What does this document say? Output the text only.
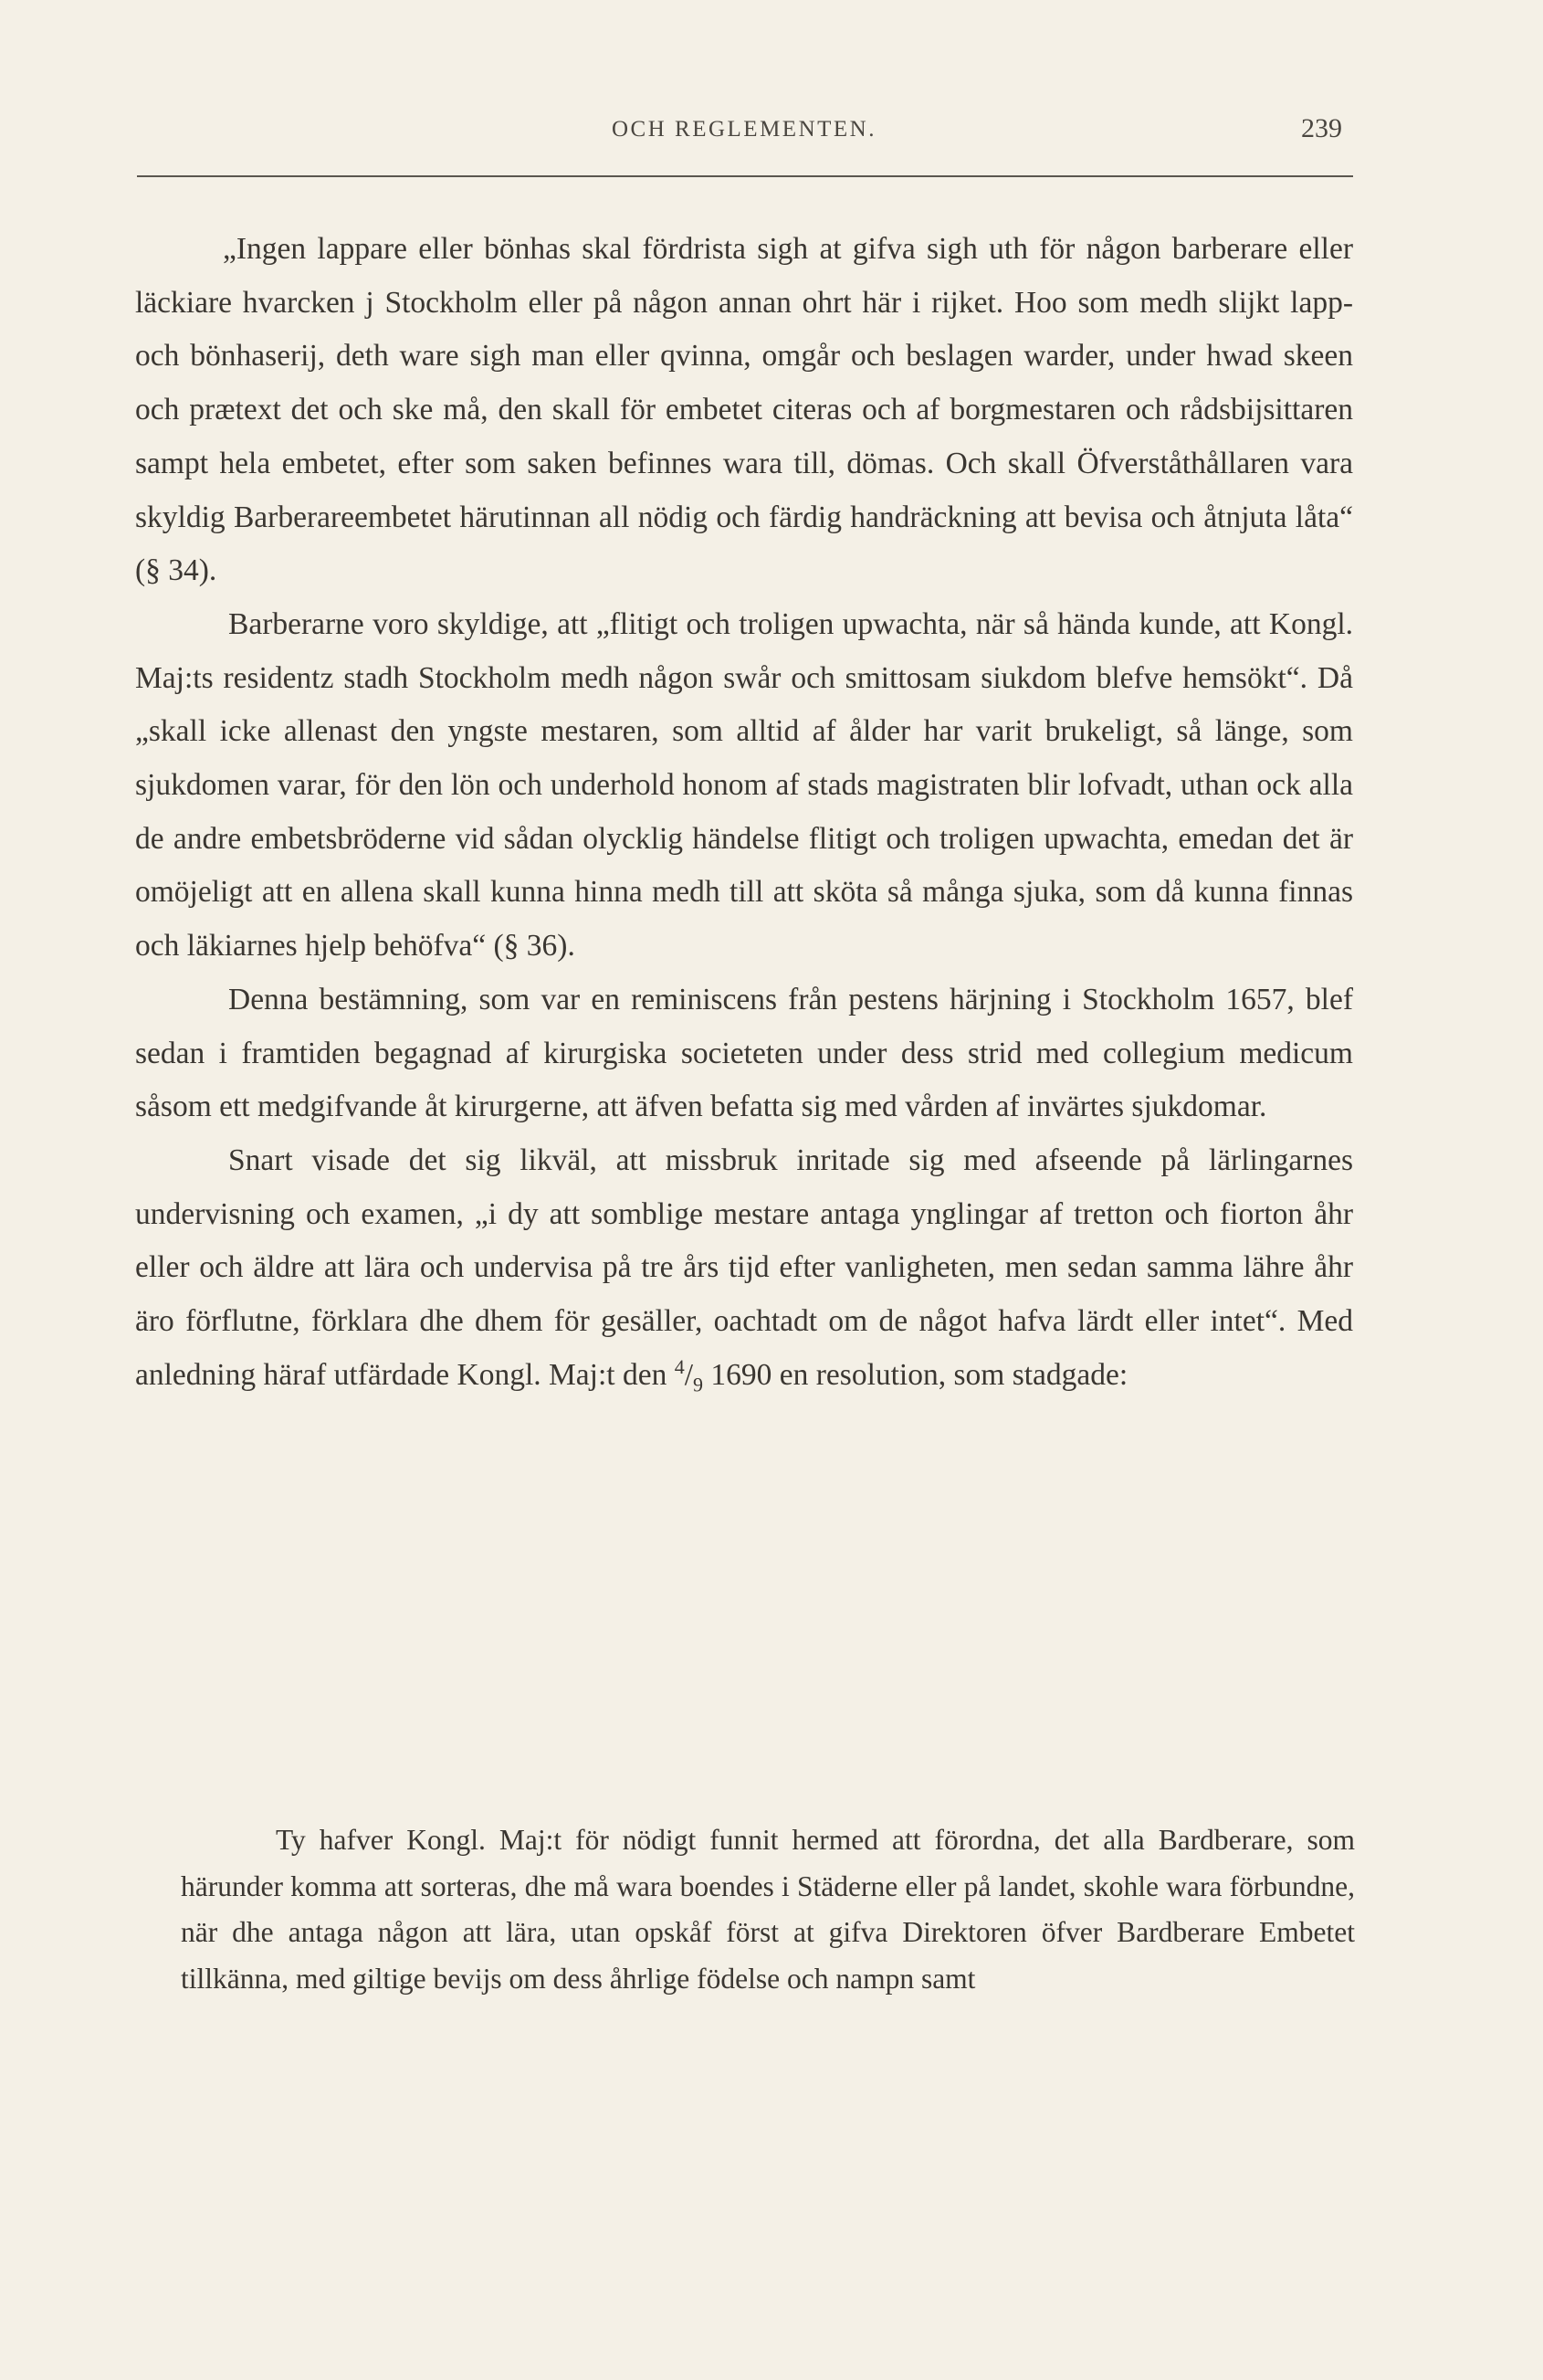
OCH REGLEMENTEN.	239

„Ingen lappare eller bönhas skal fördrista sigh at gifva sigh uth för någon barberare eller läckiare hvarcken j Stockholm eller på någon annan ohrt här i rijket. Hoo som medh slijkt lapp- och bönhaserij, deth ware sigh man eller qvinna, omgår och beslagen warder, under hwad skeen och prætext det och ske må, den skall för embetet citeras och af borgmestaren och rådsbijsittaren sampt hela embetet, efter som saken befinnes wara till, dömas. Och skall Öfverståthållaren vara skyldig Barberareembetet härutinnan all nödig och färdig handräckning att bevisa och åtnjuta låta“ (§ 34).

Barberarne voro skyldige, att „flitigt och troligen upwachta, när så hända kunde, att Kongl. Maj:ts residentz stadh Stockholm medh någon swår och smittosam siukdom blefve hemsökt“. Då „skall icke allenast den yngste mestaren, som alltid af ålder har varit brukeligt, så länge, som sjukdomen varar, för den lön och underhold honom af stads magistraten blir lofvadt, uthan ock alla de andre embetsbröderne vid sådan olycklig händelse flitigt och troligen upwachta, emedan det är omöjeligt att en allena skall kunna hinna medh till att sköta så många sjuka, som då kunna finnas och läkiarnes hjelp behöfva“ (§ 36).

Denna bestämning, som var en reminiscens från pestens härjning i Stockholm 1657, blef sedan i framtiden begagnad af kirurgiska societeten under dess strid med collegium medicum såsom ett medgifvande åt kirurgerne, att äfven befatta sig med vården af invärtes sjukdomar.

Snart visade det sig likväl, att missbruk inritade sig med afseende på lärlingarnes undervisning och examen, „i dy att somblige mestare antaga ynglingar af tretton och fiorton åhr eller och äldre att lära och undervisa på tre års tijd efter vanligheten, men sedan samma lähre åhr äro förflutne, förklara dhe dhem för gesäller, oachtadt om de något hafva lärdt eller intet“. Med anledning häraf utfärdade Kongl. Maj:t den $^4/_9$ 1690 en resolution, som stadgade:

Ty hafver Kongl. Maj:t för nödigt funnit hermed att förordna, det alla Bardberare, som härunder komma att sorteras, dhe må wara boendes i Städerne eller på landet, skohle wara förbundne, när dhe antaga någon att lära, utan opskåf först at gifva Direktoren öfver Bardberare Embetet tillkänna, med giltige bevijs om dess åhrlige födelse och nampn samt
